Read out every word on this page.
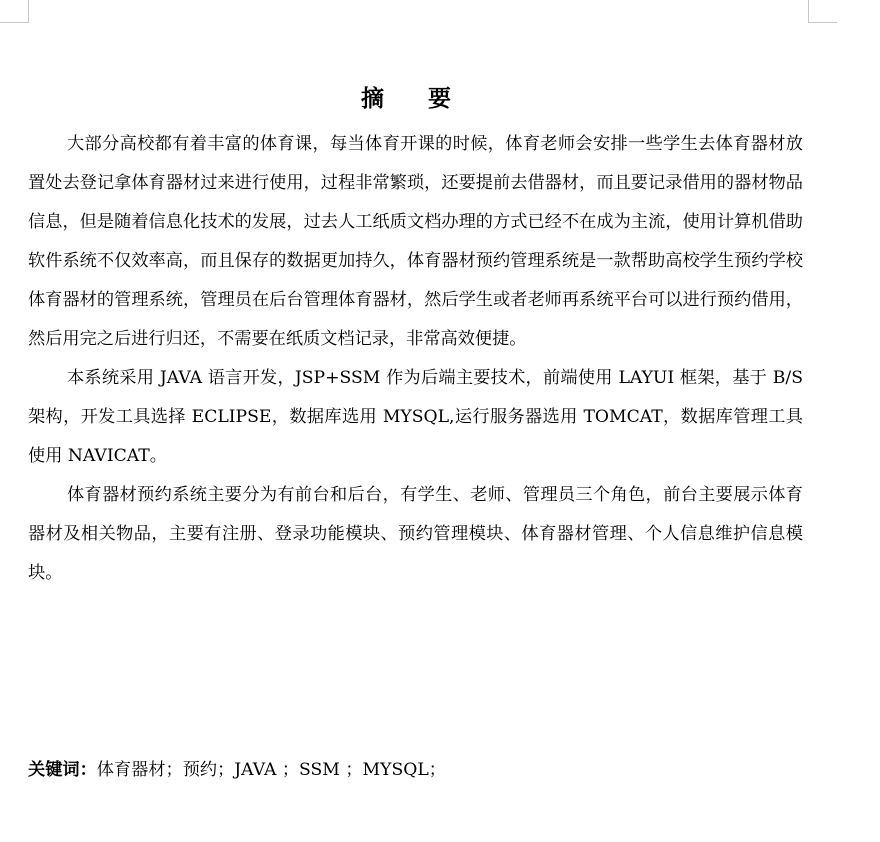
摘 要

大部分高校都有着丰富的体育课，每当体育开课的时候，体育老师会安排一些学生去体育器材放置处去登记拿体育器材过来进行使用，过程非常繁琐，还要提前去借器材，而且要记录借用的器材物品信息，但是随着信息化技术的发展，过去人工纸质文档办理的方式已经不在成为主流，使用计算机借助软件系统不仅效率高，而且保存的数据更加持久，体育器材预约管理系统是一款帮助高校学生预约学校体育器材的管理系统，管理员在后台管理体育器材，然后学生或者老师再系统平台可以进行预约借用，然后用完之后进行归还，不需要在纸质文档记录，非常高效便捷。

本系统采用 JAVA 语言开发，JSP+SSM 作为后端主要技术，前端使用 LAYUI 框架，基于 B/S 架构，开发工具选择 ECLIPSE，数据库选用 MYSQL,运行服务器选用 TOMCAT，数据库管理工具使用 NAVICAT。

体育器材预约系统主要分为有前台和后台，有学生、老师、管理员三个角色，前台主要展示体育器材及相关物品，主要有注册、登录功能模块、预约管理模块、体育器材管理、个人信息维护信息模块。

关键词：体育器材；预约；JAVA ；SSM ；MYSQL；
